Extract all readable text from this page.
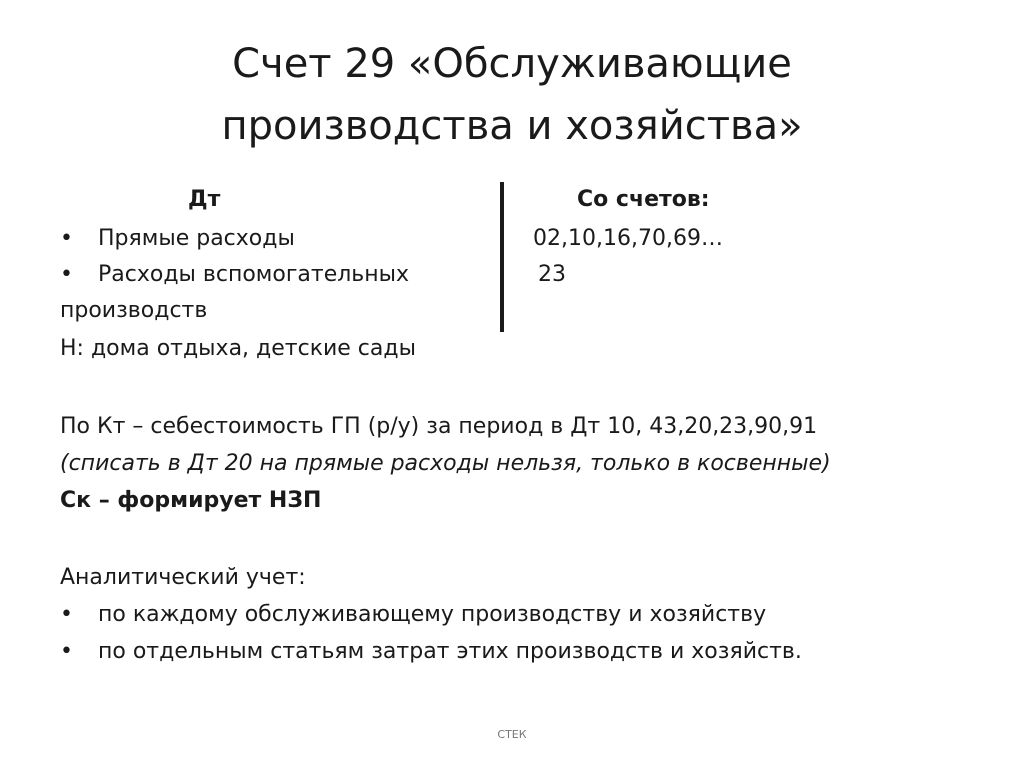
Счет 29 «Обслуживающие
производства и хозяйства»
Дт	Со счетов:
• Прямые расходы	02,10,16,70,69…
• Расходы вспомогательных	23
производств
Н: дома отдыха, детские сады
По Кт – себестоимость ГП (р/у) за период в Дт 10, 43,20,23,90,91
(списать в Дт 20 на прямые расходы нельзя, только в косвенные)
Ск – формирует НЗП
Аналитический учет:
• по каждому обслуживающему производству и хозяйству
• по отдельным статьям затрат этих производств и хозяйств.
СТЕК
